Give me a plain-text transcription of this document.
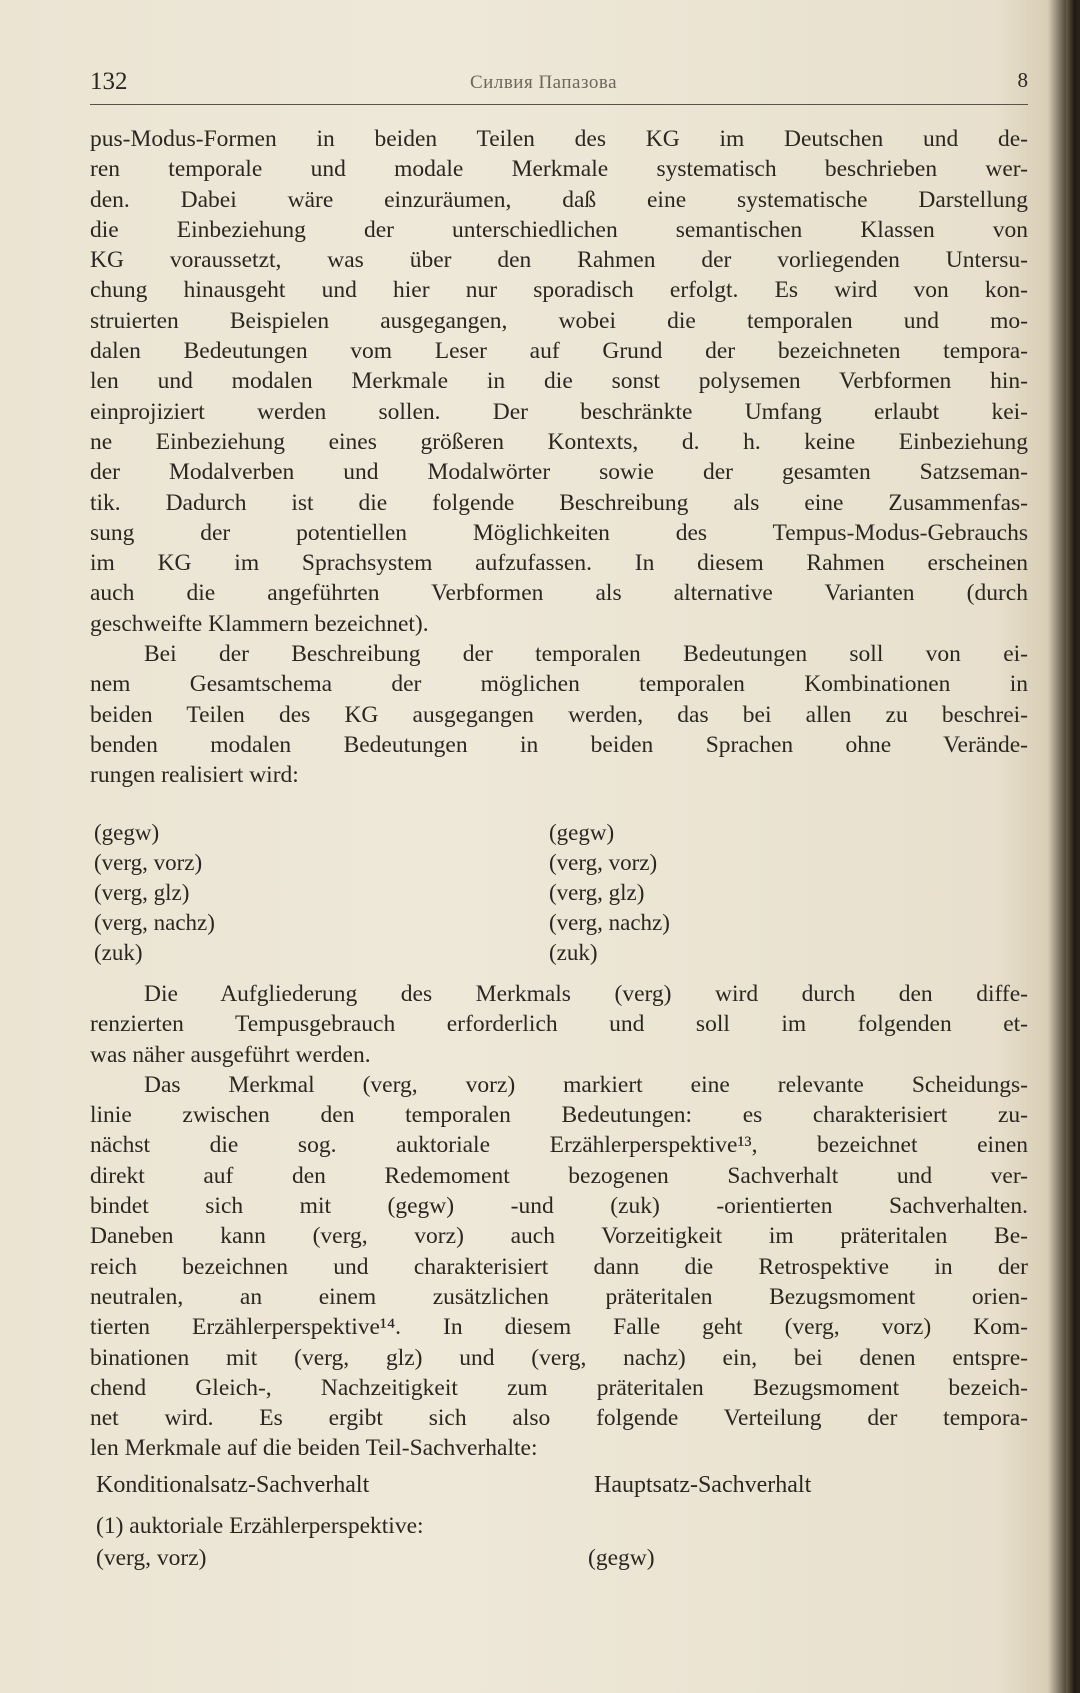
132	Силвия Папазова	8
pus-Modus-Formen in beiden Teilen des KG im Deutschen und de-
ren temporale und modale Merkmale systematisch beschrieben wer-
den. Dabei wäre einzuräumen, daß eine systematische Darstellung
die Einbeziehung der unterschiedlichen semantischen Klassen von
KG voraussetzt, was über den Rahmen der vorliegenden Untersu-
chung hinausgeht und hier nur sporadisch erfolgt. Es wird von kon-
struierten Beispielen ausgegangen, wobei die temporalen und mo-
dalen Bedeutungen vom Leser auf Grund der bezeichneten tempora-
len und modalen Merkmale in die sonst polysemen Verbformen hin-
einprojiziert werden sollen. Der beschränkte Umfang erlaubt kei-
ne Einbeziehung eines größeren Kontexts, d. h. keine Einbeziehung
der Modalverben und Modalwörter sowie der gesamten Satzseman-
tik. Dadurch ist die folgende Beschreibung als eine Zusammenfas-
sung der potentiellen Möglichkeiten des Tempus-Modus-Gebrauchs
im KG im Sprachsystem aufzufassen. In diesem Rahmen erscheinen
auch die angeführten Verbformen als alternative Varianten (durch
geschweifte Klammern bezeichnet).
Bei der Beschreibung der temporalen Bedeutungen soll von ei-
nem Gesamtschema der möglichen temporalen Kombinationen in
beiden Teilen des KG ausgegangen werden, das bei allen zu beschrei-
benden modalen Bedeutungen in beiden Sprachen ohne Verände-
rungen realisiert wird:
(gegw)	(gegw)
(verg, vorz)	(verg, vorz)
(verg, glz)	(verg, glz)
(verg, nachz)	(verg, nachz)
(zuk)	(zuk)
Die Aufgliederung des Merkmals (verg) wird durch den diffe-
renzierten Tempusgebrauch erforderlich und soll im folgenden et-
was näher ausgeführt werden.
Das Merkmal (verg, vorz) markiert eine relevante Scheidungs-
linie zwischen den temporalen Bedeutungen: es charakterisiert zu-
nächst die sog. auktoriale Erzählerperspektive¹³, bezeichnet einen
direkt auf den Redemoment bezogenen Sachverhalt und ver-
bindet sich mit (gegw) -und (zuk) -orientierten Sachverhalten.
Daneben kann (verg, vorz) auch Vorzeitigkeit im präteritalen Be-
reich bezeichnen und charakterisiert dann die Retrospektive in der
neutralen, an einem zusätzlichen präteritalen Bezugsmoment orien-
tierten Erzählerperspektive¹⁴. In diesem Falle geht (verg, vorz) Kom-
binationen mit (verg, glz) und (verg, nachz) ein, bei denen entspre-
chend Gleich-, Nachzeitigkeit zum präteritalen Bezugsmoment bezeich-
net wird. Es ergibt sich also folgende Verteilung der tempora-
len Merkmale auf die beiden Teil-Sachverhalte:
Konditionalsatz-Sachverhalt	Hauptsatz-Sachverhalt
(1) auktoriale Erzählerperspektive:
(verg, vorz)	(gegw)
